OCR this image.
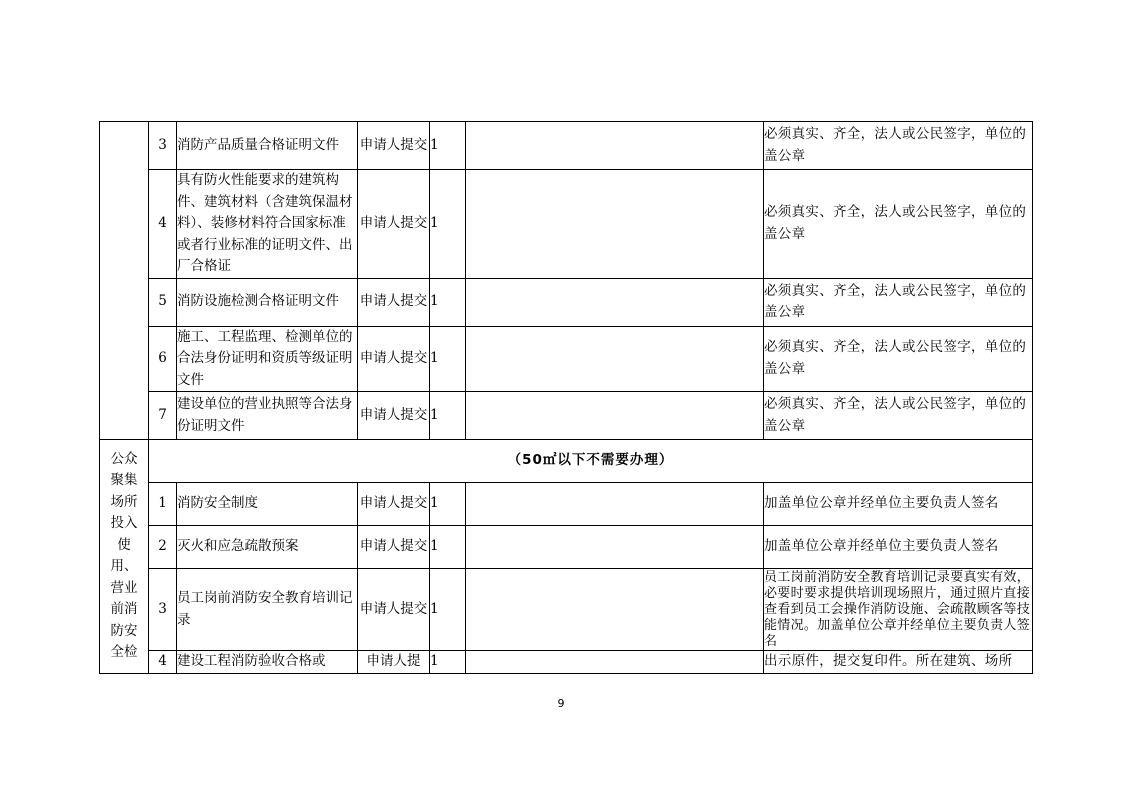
	3	消防产品质量合格证明文件	申请人提交	1		必须真实、齐全，法人或公民签字，单位的盖公章
	4	具有防火性能要求的建筑构件、建筑材料（含建筑保温材料）、装修材料符合国家标准或者行业标准的证明文件、出厂合格证	申请人提交	1		必须真实、齐全，法人或公民签字，单位的盖公章
	5	消防设施检测合格证明文件	申请人提交	1		必须真实、齐全，法人或公民签字，单位的盖公章
	6	施工、工程监理、检测单位的合法身份证明和资质等级证明文件	申请人提交	1		必须真实、齐全，法人或公民签字，单位的盖公章
	7	建设单位的营业执照等合法身份证明文件	申请人提交	1		必须真实、齐全，法人或公民签字，单位的盖公章
公众聚集场所投入使用、营业前消防安全检	（50㎡以下不需要办理）					
	1	消防安全制度	申请人提交	1		加盖单位公章并经单位主要负责人签名
	2	灭火和应急疏散预案	申请人提交	1		加盖单位公章并经单位主要负责人签名
	3	员工岗前消防安全教育培训记录	申请人提交	1		员工岗前消防安全教育培训记录要真实有效，必要时要求提供培训现场照片，通过照片直接查看到员工会操作消防设施、会疏散顾客等技能情况。加盖单位公章并经单位主要负责人签名
	4	建设工程消防验收合格或	申请人提	1		出示原件，提交复印件。所在建筑、场所
9
